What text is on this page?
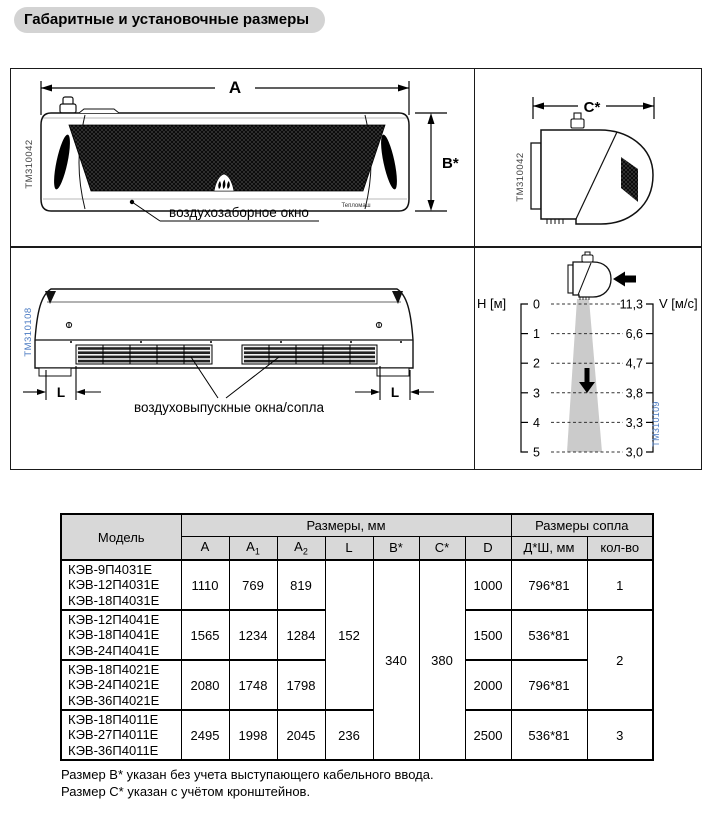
Габаритные и установочные размеры
A
Тепломаш
B*
воздухозаборное окно
TM310042
C*
TM310042
L	L
воздуховыпускные окна/сопла
TM310108
Н [м] 0
1
2
3
4
5
V [м/с]
11,3
6,6
4,7
3,8
3,3
3,0
TM310109
Модель	Размеры, мм							Размеры сопла	
	A	$A_1$	$A_2$	L	B*	C*	D	Д*Ш, мм	кол-во

КЭВ-9П4031Е
КЭВ-12П4031Е
КЭВ-18П4031Е	1110	769	819	152	340	380	1000	796*81	1

КЭВ-12П4041Е
КЭВ-18П4041Е
КЭВ-24П4041Е	1565	1234	1284				1500	536*81	2

КЭВ-18П4021Е
КЭВ-24П4021Е
КЭВ-36П4021Е	2080	1748	1798				2000	796*81	

КЭВ-18П4011Е
КЭВ-27П4011Е
КЭВ-36П4011Е	2495	1998	2045	236			2500	536*81	3
Размер В* указан без учета выступающего кабельного ввода.
Размер С* указан с учётом кронштейнов.
